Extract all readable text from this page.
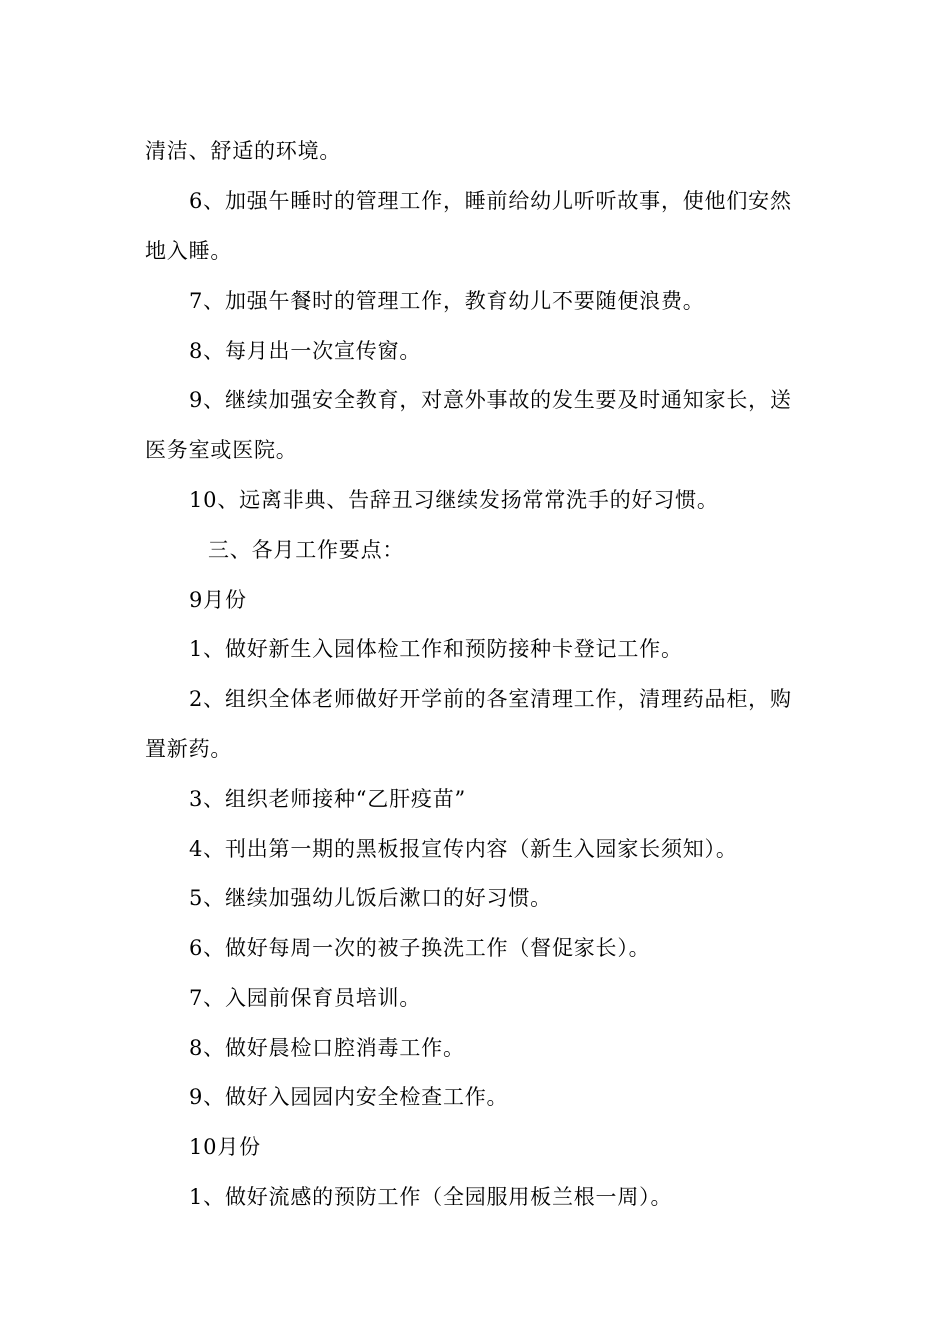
清洁、舒适的环境。
6、加强午睡时的管理工作，睡前给幼儿听听故事，使他们安然
地入睡。
7、加强午餐时的管理工作，教育幼儿不要随便浪费。
8、每月出一次宣传窗。
9、继续加强安全教育，对意外事故的发生要及时通知家长，送
医务室或医院。
10、远离非典、告辞丑习继续发扬常常洗手的好习惯。
三、各月工作要点：
9月份
1、做好新生入园体检工作和预防接种卡登记工作。
2、组织全体老师做好开学前的各室清理工作，清理药品柜，购
置新药。
3、组织老师接种“乙肝疫苗”
4、刊出第一期的黑板报宣传内容（新生入园家长须知）。
5、继续加强幼儿饭后漱口的好习惯。
6、做好每周一次的被子换洗工作（督促家长）。
7、入园前保育员培训。
8、做好晨检口腔消毒工作。
9、做好入园园内安全检查工作。
10月份
1、做好流感的预防工作（全园服用板兰根一周）。
